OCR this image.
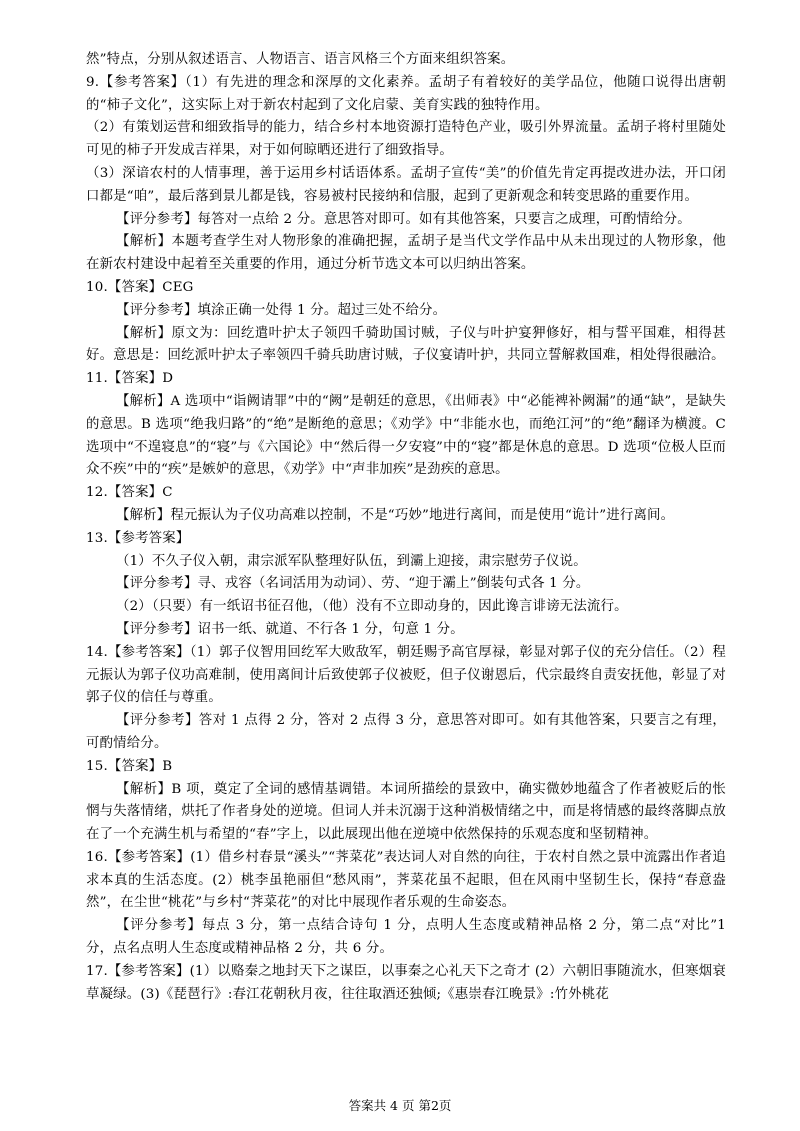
然”特点，分别从叙述语言、人物语言、语言风格三个方面来组织答案。
9.【参考答案】（1）有先进的理念和深厚的文化素养。孟胡子有着较好的美学品位，他随口说得出唐朝的“柿子文化”，这实际上对于新农村起到了文化启蒙、美育实践的独特作用。
（2）有策划运营和细致指导的能力，结合乡村本地资源打造特色产业，吸引外界流量。孟胡子将村里随处可见的柿子开发成吉祥果，对于如何晾晒还进行了细致指导。
（3）深谙农村的人情事理，善于运用乡村话语体系。孟胡子宣传“美”的价值先肯定再提改进办法，开口闭口都是“咱”，最后落到景儿都是钱，容易被村民接纳和信服，起到了更新观念和转变思路的重要作用。
【评分参考】每答对一点给 2 分。意思答对即可。如有其他答案，只要言之成理，可酌情给分。
【解析】本题考查学生对人物形象的准确把握，孟胡子是当代文学作品中从未出现过的人物形象，他在新农村建设中起着至关重要的作用，通过分析节选文本可以归纳出答案。
10.【答案】CEG
【评分参考】填涂正确一处得 1 分。超过三处不给分。
【解析】原文为：回纥遣叶护太子领四千骑助国讨贼，子仪与叶护宴狎修好，相与誓平国难，相得甚好。意思是：回纥派叶护太子率领四千骑兵助唐讨贼，子仪宴请叶护，共同立誓解救国难，相处得很融洽。
11.【答案】D
【解析】A 选项中“诣阙请罪”中的“阙”是朝廷的意思，《出师表》中“必能裨补阙漏”的通“缺”，是缺失的意思。B 选项“绝我归路”的“绝”是断绝的意思；《劝学》中“非能水也，而绝江河”的“绝”翻译为横渡。C 选项中“不遑寝息”的“寝”与《六国论》中“然后得一夕安寝”中的“寝”都是休息的意思。D 选项“位极人臣而众不疾”中的“疾”是嫉妒的意思，《劝学》中“声非加疾”是劲疾的意思。
12.【答案】C
【解析】程元振认为子仪功高难以控制，不是“巧妙”地进行离间，而是使用“诡计”进行离间。
13.【参考答案】
（1）不久子仪入朝，肃宗派军队整理好队伍，到灞上迎接，肃宗慰劳子仪说。
【评分参考】寻、戎容（名词活用为动词）、劳、“迎于灞上”倒装句式各 1 分。
（2）（只要）有一纸诏书征召他，（他）没有不立即动身的，因此谗言诽谤无法流行。
【评分参考】诏书一纸、就道、不行各 1 分，句意 1 分。
14.【参考答案】（1）郭子仪智用回纥军大败敌军，朝廷赐予高官厚禄，彰显对郭子仪的充分信任。（2）程元振认为郭子仪功高难制，使用离间计后致使郭子仪被贬，但子仪谢恩后，代宗最终自责安抚他，彰显了对郭子仪的信任与尊重。
【评分参考】答对 1 点得 2 分，答对 2 点得 3 分，意思答对即可。如有其他答案，只要言之有理，可酌情给分。
15.【答案】B
【解析】B 项，奠定了全词的感情基调错。本词所描绘的景致中，确实微妙地蕴含了作者被贬后的怅惘与失落情绪，烘托了作者身处的逆境。但词人并未沉溺于这种消极情绪之中，而是将情感的最终落脚点放在了一个充满生机与希望的“春”字上，以此展现出他在逆境中依然保持的乐观态度和坚韧精神。
16.【参考答案】(1）借乡村春景“溪头”“荠菜花”表达词人对自然的向往，于农村自然之景中流露出作者追求本真的生活态度。(2）桃李虽艳丽但“愁风雨”，荠菜花虽不起眼，但在风雨中坚韧生长，保持“春意盎然”，在尘世“桃花”与乡村“荠菜花”的对比中展现作者乐观的生命姿态。
【评分参考】每点 3 分，第一点结合诗句 1 分，点明人生态度或精神品格 2 分，第二点“对比”1 分，点名点明人生态度或精神品格 2 分，共 6 分。
17.【参考答案】(1）以赂秦之地封天下之谋臣，以事秦之心礼天下之奇才 (2）六朝旧事随流水，但寒烟衰草凝绿。(3)《琵琶行》:春江花朝秋月夜，往往取酒还独倾;《惠崇春江晚景》:竹外桃花
答案共 4 页 第2页
